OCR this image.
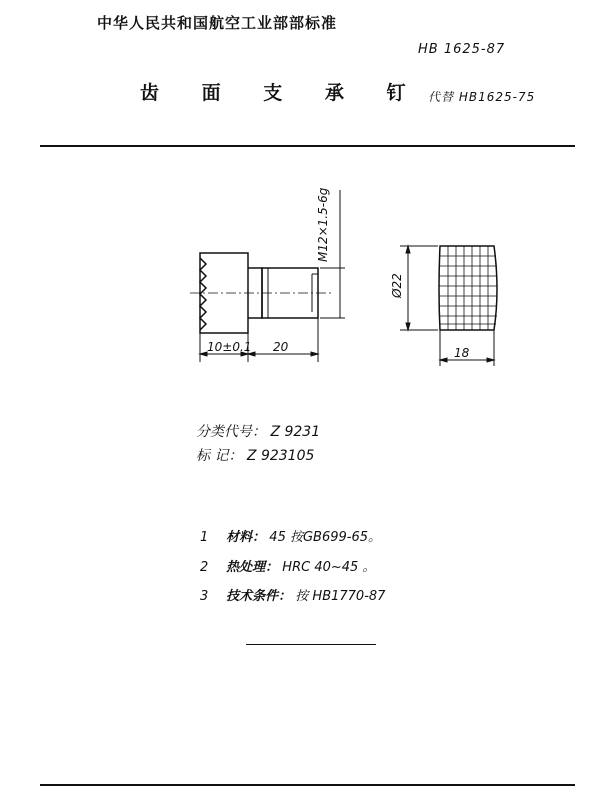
中华人民共和国航空工业部部标准
HB 1625-87
齿 面 支 承 钉 代替 HB1625-75
M12×1.5-6g
10±0.1 20
Ø22
18
分类代号： Z 9231
标 记： Z 923105
1 材料： 45 按GB699-65。
2 热处理： HRC 40~45 。
3 技术条件： 按 HB1770-87
